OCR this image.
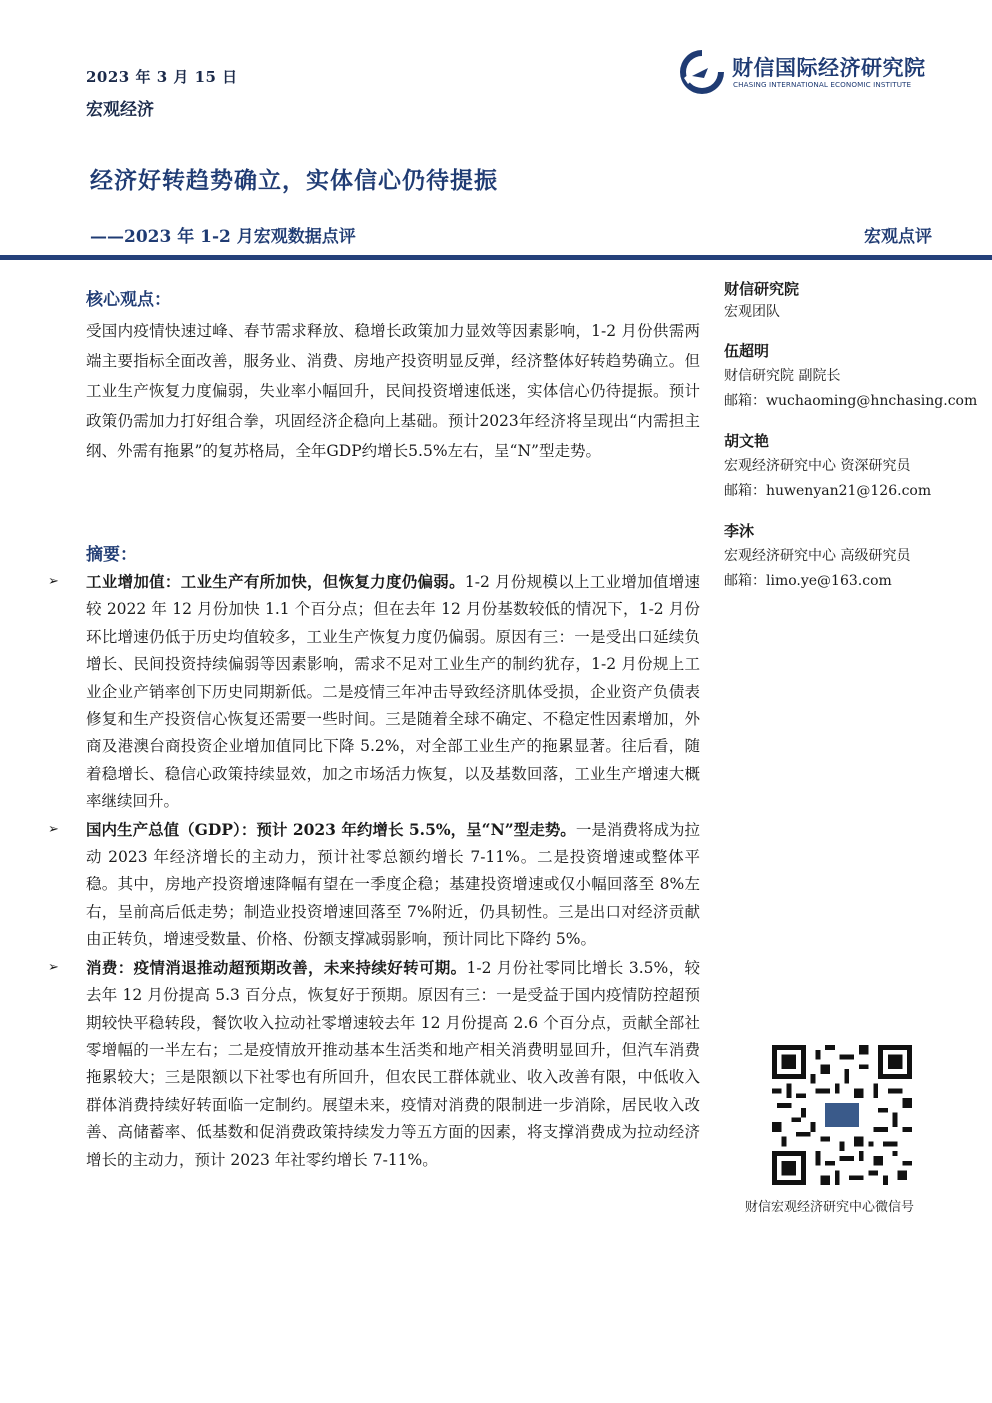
2023 年 3 月 15 日
宏观经济
财信国际经济研究院
CHASING INTERNATIONAL ECONOMIC INSTITUTE
经济好转趋势确立，实体信心仍待提振
——2023 年 1-2 月宏观数据点评	宏观点评
核心观点：
受国内疫情快速过峰、春节需求释放、稳增长政策加力显效等因素影响，1-2 月份供需两端主要指标全面改善，服务业、消费、房地产投资明显反弹，经济整体好转趋势确立。但工业生产恢复力度偏弱，失业率小幅回升，民间投资增速低迷，实体信心仍待提振。预计政策仍需加力打好组合拳，巩固经济企稳向上基础。预计2023年经济将呈现出“内需担主纲、外需有拖累”的复苏格局，全年GDP约增长5.5%左右，呈“N”型走势。
摘要：
➢ 工业增加值：工业生产有所加快，但恢复力度仍偏弱。1-2 月份规模以上工业增加值增速较 2022 年 12 月份加快 1.1 个百分点；但在去年 12 月份基数较低的情况下，1-2 月份环比增速仍低于历史均值较多，工业生产恢复力度仍偏弱。原因有三：一是受出口延续负增长、民间投资持续偏弱等因素影响，需求不足对工业生产的制约犹存，1-2 月份规上工业企业产销率创下历史同期新低。二是疫情三年冲击导致经济肌体受损，企业资产负债表修复和生产投资信心恢复还需要一些时间。三是随着全球不确定、不稳定性因素增加，外商及港澳台商投资企业增加值同比下降 5.2%，对全部工业生产的拖累显著。往后看，随着稳增长、稳信心政策持续显效，加之市场活力恢复，以及基数回落，工业生产增速大概率继续回升。
➢ 国内生产总值（GDP）：预计 2023 年约增长 5.5%，呈“N”型走势。一是消费将成为拉动 2023 年经济增长的主动力，预计社零总额约增长 7-11%。二是投资增速或整体平稳。其中，房地产投资增速降幅有望在一季度企稳；基建投资增速或仅小幅回落至 8%左右，呈前高后低走势；制造业投资增速回落至 7%附近，仍具韧性。三是出口对经济贡献由正转负，增速受数量、价格、份额支撑减弱影响，预计同比下降约 5%。
➢ 消费：疫情消退推动超预期改善，未来持续好转可期。1-2 月份社零同比增长 3.5%，较去年 12 月份提高 5.3 百分点，恢复好于预期。原因有三：一是受益于国内疫情防控超预期较快平稳转段，餐饮收入拉动社零增速较去年 12 月份提高 2.6 个百分点，贡献全部社零增幅的一半左右；二是疫情放开推动基本生活类和地产相关消费明显回升，但汽车消费拖累较大；三是限额以下社零也有所回升，但农民工群体就业、收入改善有限，中低收入群体消费持续好转面临一定制约。展望未来，疫情对消费的限制进一步消除，居民收入改善、高储蓄率、低基数和促消费政策持续发力等五方面的因素，将支撑消费成为拉动经济增长的主动力，预计 2023 年社零约增长 7-11%。
财信研究院
宏观团队
伍超明
财信研究院 副院长
邮箱：wuchaoming@hnchasing.com
胡文艳
宏观经济研究中心 资深研究员
邮箱：huwenyan21@126.com
李沐
宏观经济研究中心 高级研究员
邮箱：limo.ye@163.com
财信宏观经济研究中心微信号
